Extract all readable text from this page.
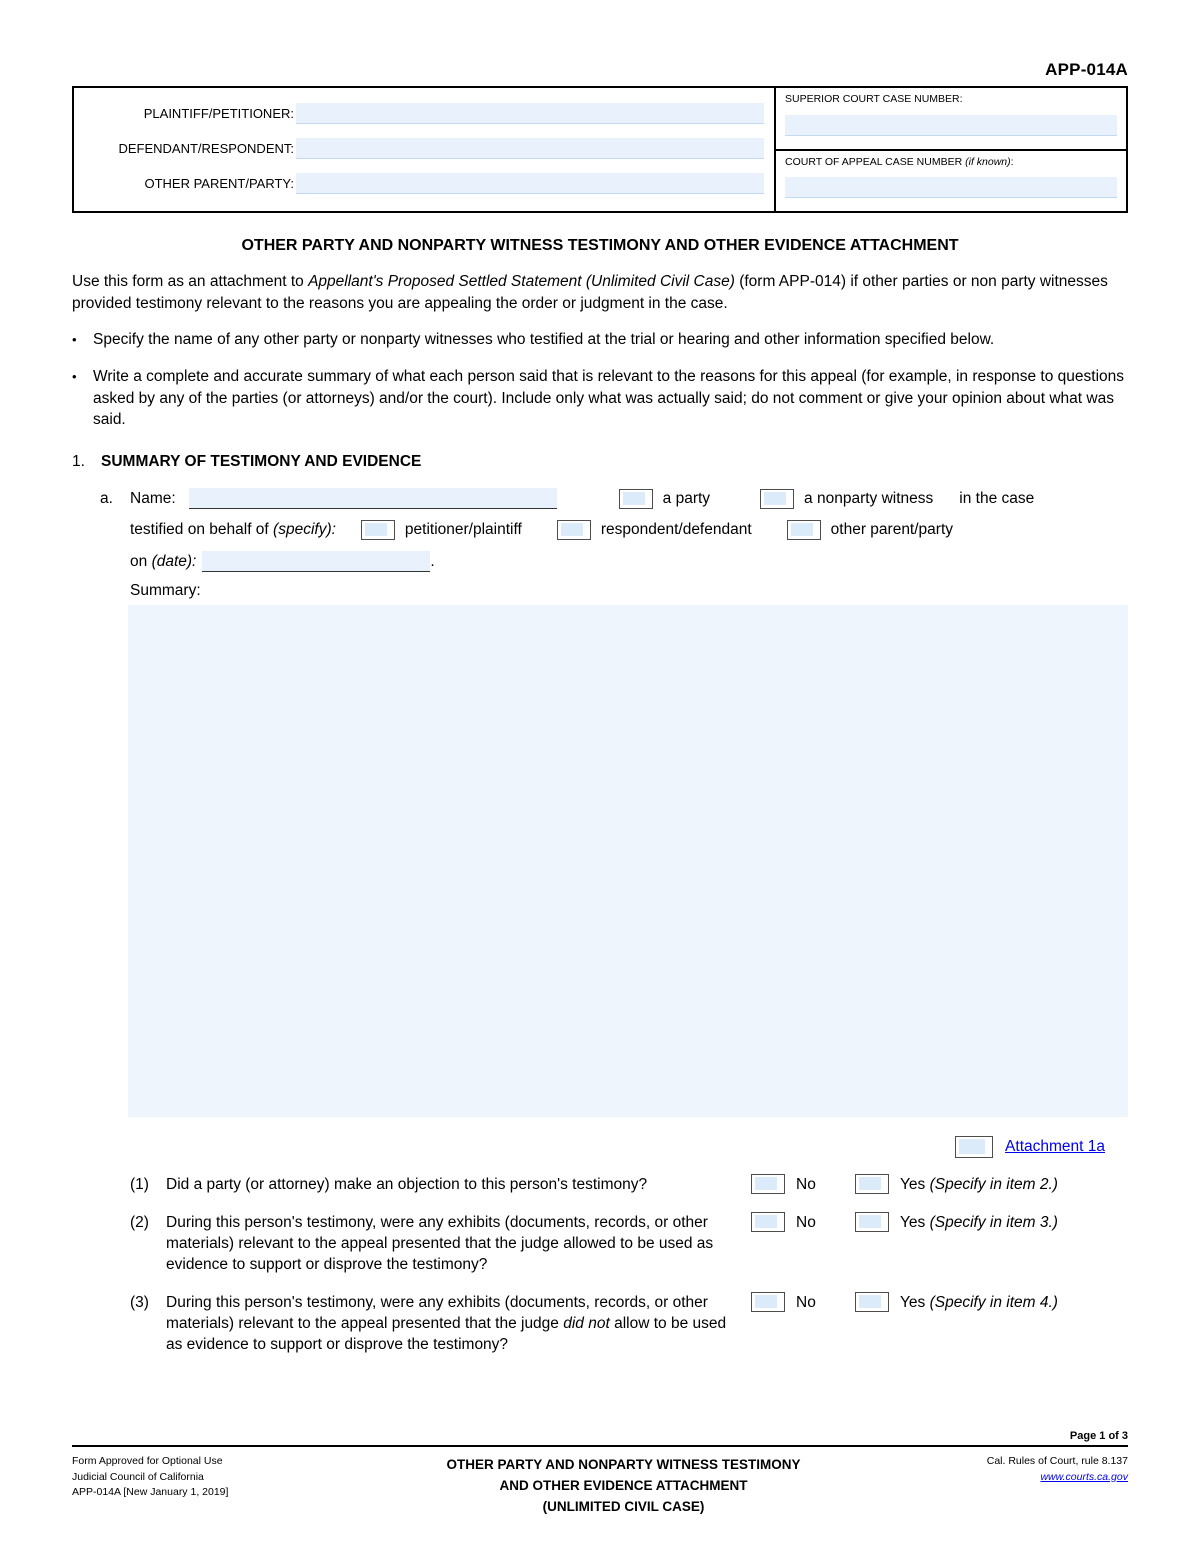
APP-014A
PLAINTIFF/PETITIONER:
DEFENDANT/RESPONDENT:
OTHER PARENT/PARTY:
SUPERIOR COURT CASE NUMBER:
COURT OF APPEAL CASE NUMBER (if known):
OTHER PARTY AND NONPARTY WITNESS TESTIMONY AND OTHER EVIDENCE ATTACHMENT
Use this form as an attachment to Appellant's Proposed Settled Statement (Unlimited Civil Case) (form APP-014) if other parties or non party witnesses provided testimony relevant to the reasons you are appealing the order or judgment in the case.
•	Specify the name of any other party or nonparty witnesses who testified at the trial or hearing and other information specified below.
•	Write a complete and accurate summary of what each person said that is relevant to the reasons for this appeal (for example, in response to questions asked by any of the parties (or attorneys) and/or the court). Include only what was actually said; do not comment or give your opinion about what was said.
1.	SUMMARY OF TESTIMONY AND EVIDENCE
a.	Name:	a party	a nonparty witness in the case
testified on behalf of (specify):	petitioner/plaintiff	respondent/defendant	other parent/party
on (date):	.
Summary:
Attachment 1a
(1)	Did a party (or attorney) make an objection to this person's testimony?	No	Yes (Specify in item 2.)
(2)	During this person's testimony, were any exhibits (documents, records, or other materials) relevant to the appeal presented that the judge allowed to be used as evidence to support or disprove the testimony?
No	Yes (Specify in item 3.)
(3)	During this person's testimony, were any exhibits (documents, records, or other materials) relevant to the appeal presented that the judge did not allow to be used as evidence to support or disprove the testimony?
No	Yes (Specify in item 4.)
Page 1 of 3
Form Approved for Optional Use
Judicial Council of California
APP-014A [New January 1, 2019]
OTHER PARTY AND NONPARTY WITNESS TESTIMONY
AND OTHER EVIDENCE ATTACHMENT
(UNLIMITED CIVIL CASE)
Cal. Rules of Court, rule 8.137
www.courts.ca.gov
